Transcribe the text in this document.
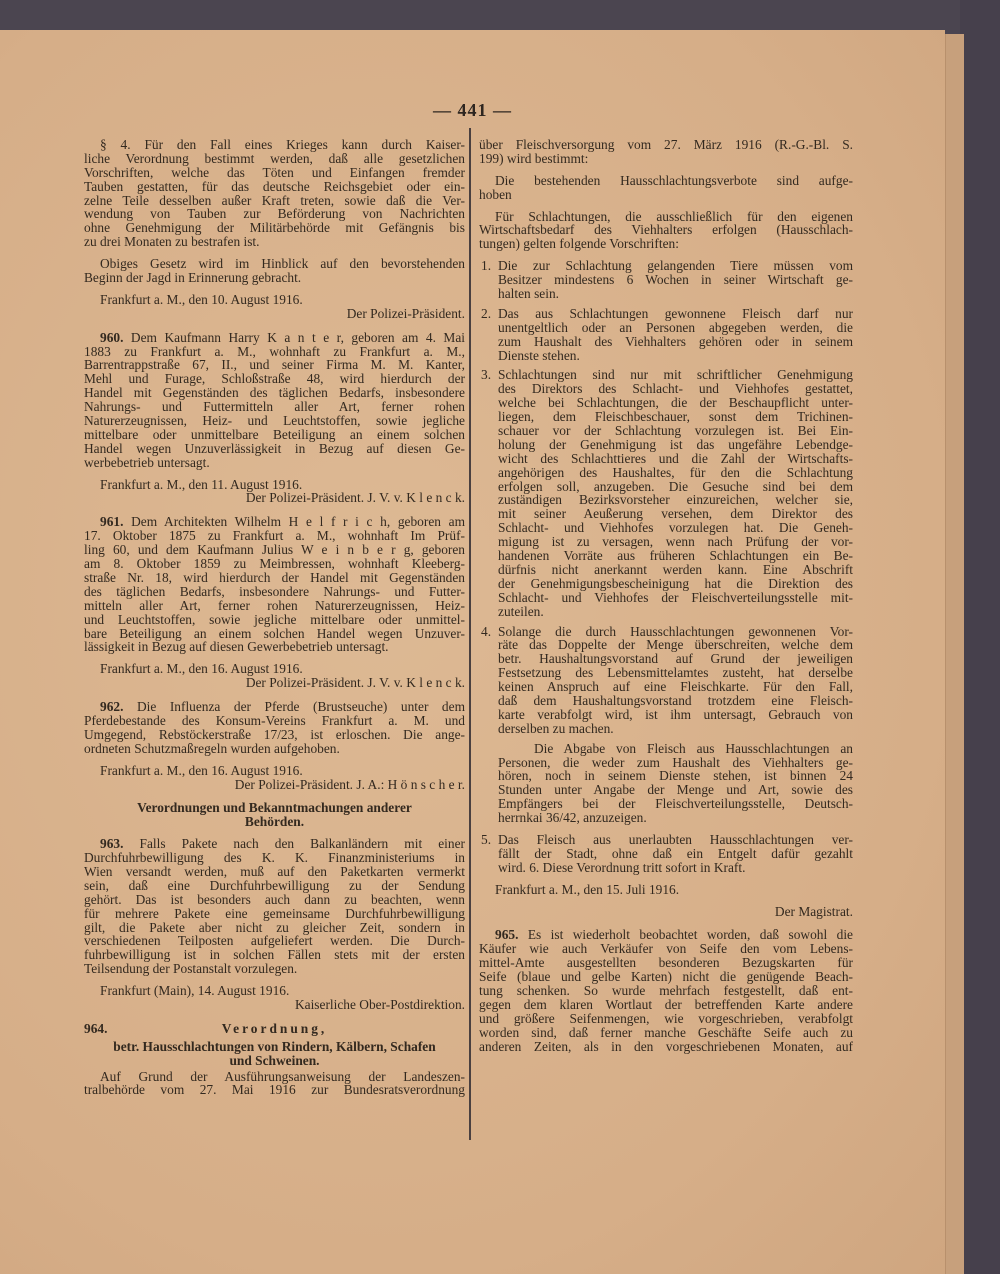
— 441 —
§ 4. Für den Fall eines Krieges kann durch Kaiser-
liche Verordnung bestimmt werden, daß alle gesetzlichen
Vorschriften, welche das Töten und Einfangen fremder
Tauben gestatten, für das deutsche Reichsgebiet oder ein-
zelne Teile desselben außer Kraft treten, sowie daß die Ver-
wendung von Tauben zur Beförderung von Nachrichten
ohne Genehmigung der Militärbehörde mit Gefängnis bis
zu drei Monaten zu bestrafen ist.
Obiges Gesetz wird im Hinblick auf den bevorstehenden
Beginn der Jagd in Erinnerung gebracht.
Frankfurt a. M., den 10. August 1916.
Der Polizei-Präsident.
960. Dem Kaufmann Harry K a n t e r, geboren am 4. Mai
1883 zu Frankfurt a. M., wohnhaft zu Frankfurt a. M.,
Barrentrappstraße 67, II., und seiner Firma M. M. Kanter,
Mehl und Furage, Schloßstraße 48, wird hierdurch der
Handel mit Gegenständen des täglichen Bedarfs, insbesondere
Nahrungs- und Futtermitteln aller Art, ferner rohen
Naturerzeugnissen, Heiz- und Leuchtstoffen, sowie jegliche
mittelbare oder unmittelbare Beteiligung an einem solchen
Handel wegen Unzuverlässigkeit in Bezug auf diesen Ge-
werbebetrieb untersagt.
Frankfurt a. M., den 11. August 1916.
Der Polizei-Präsident. J. V. v. K l e n c k.
961. Dem Architekten Wilhelm H e l f r i c h, geboren am
17. Oktober 1875 zu Frankfurt a. M., wohnhaft Im Prüf-
ling 60, und dem Kaufmann Julius W e i n b e r g, geboren
am 8. Oktober 1859 zu Meimbressen, wohnhaft Kleeberg-
straße Nr. 18, wird hierdurch der Handel mit Gegenständen
des täglichen Bedarfs, insbesondere Nahrungs- und Futter-
mitteln aller Art, ferner rohen Naturerzeugnissen, Heiz-
und Leuchtstoffen, sowie jegliche mittelbare oder unmittel-
bare Beteiligung an einem solchen Handel wegen Unzuver-
lässigkeit in Bezug auf diesen Gewerbebetrieb untersagt.
Frankfurt a. M., den 16. August 1916.
Der Polizei-Präsident. J. V. v. K l e n c k.
962. Die Influenza der Pferde (Brustseuche) unter dem
Pferdebestande des Konsum-Vereins Frankfurt a. M. und
Umgegend, Rebstöckerstraße 17/23, ist erloschen. Die ange-
ordneten Schutzmaßregeln wurden aufgehoben.
Frankfurt a. M., den 16. August 1916.
Der Polizei-Präsident. J. A.: H ö n s c h e r.
Verordnungen und Bekanntmachungen anderer
Behörden.
963. Falls Pakete nach den Balkanländern mit einer
Durchfuhrbewilligung des K. K. Finanzministeriums in
Wien versandt werden, muß auf den Paketkarten vermerkt
sein, daß eine Durchfuhrbewilligung zu der Sendung
gehört. Das ist besonders auch dann zu beachten, wenn
für mehrere Pakete eine gemeinsame Durchfuhrbewilligung
gilt, die Pakete aber nicht zu gleicher Zeit, sondern in
verschiedenen Teilposten aufgeliefert werden. Die Durch-
fuhrbewilligung ist in solchen Fällen stets mit der ersten
Teilsendung der Postanstalt vorzulegen.
Frankfurt (Main), 14. August 1916.
Kaiserliche Ober-Postdirektion.
964.	Verordnung,
betr. Hausschlachtungen von Rindern, Kälbern, Schafen
und Schweinen.
Auf Grund der Ausführungsanweisung der Landeszen-
tralbehörde vom 27. Mai 1916 zur Bundesratsverordnung
über Fleischversorgung vom 27. März 1916 (R.-G.-Bl. S.
199) wird bestimmt:
Die bestehenden Hausschlachtungsverbote sind aufge-
hoben
Für Schlachtungen, die ausschließlich für den eigenen
Wirtschaftsbedarf des Viehhalters erfolgen (Hausschlach-
tungen) gelten folgende Vorschriften:
1. Die zur Schlachtung gelangenden Tiere müssen vom
Besitzer mindestens 6 Wochen in seiner Wirtschaft ge-
halten sein.
2. Das aus Schlachtungen gewonnene Fleisch darf nur
unentgeltlich oder an Personen abgegeben werden, die
zum Haushalt des Viehhalters gehören oder in seinem
Dienste stehen.
3. Schlachtungen sind nur mit schriftlicher Genehmigung
des Direktors des Schlacht- und Viehhofes gestattet,
welche bei Schlachtungen, die der Beschaupflicht unter-
liegen, dem Fleischbeschauer, sonst dem Trichinen-
schauer vor der Schlachtung vorzulegen ist. Bei Ein-
holung der Genehmigung ist das ungefähre Lebendge-
wicht des Schlachttieres und die Zahl der Wirtschafts-
angehörigen des Haushaltes, für den die Schlachtung
erfolgen soll, anzugeben. Die Gesuche sind bei dem
zuständigen Bezirksvorsteher einzureichen, welcher sie,
mit seiner Aeußerung versehen, dem Direktor des
Schlacht- und Viehhofes vorzulegen hat. Die Geneh-
migung ist zu versagen, wenn nach Prüfung der vor-
handenen Vorräte aus früheren Schlachtungen ein Be-
dürfnis nicht anerkannt werden kann. Eine Abschrift
der Genehmigungsbescheinigung hat die Direktion des
Schlacht- und Viehhofes der Fleischverteilungsstelle mit-
zuteilen.
4. Solange die durch Hausschlachtungen gewonnenen Vor-
räte das Doppelte der Menge überschreiten, welche dem
betr. Haushaltungsvorstand auf Grund der jeweiligen
Festsetzung des Lebensmittelamtes zusteht, hat derselbe
keinen Anspruch auf eine Fleischkarte. Für den Fall,
daß dem Haushaltungsvorstand trotzdem eine Fleisch-
karte verabfolgt wird, ist ihm untersagt, Gebrauch von
derselben zu machen.
Die Abgabe von Fleisch aus Hausschlachtungen an
Personen, die weder zum Haushalt des Viehhalters ge-
hören, noch in seinem Dienste stehen, ist binnen 24
Stunden unter Angabe der Menge und Art, sowie des
Empfängers bei der Fleischverteilungsstelle, Deutsch-
herrnkai 36/42, anzuzeigen.
5. Das Fleisch aus unerlaubten Hausschlachtungen ver-
fällt der Stadt, ohne daß ein Entgelt dafür gezahlt
wird. 6. Diese Verordnung tritt sofort in Kraft.
Frankfurt a. M., den 15. Juli 1916.
Der Magistrat.
965. Es ist wiederholt beobachtet worden, daß sowohl die
Käufer wie auch Verkäufer von Seife den vom Lebens-
mittel-Amte ausgestellten besonderen Bezugskarten für
Seife (blaue und gelbe Karten) nicht die genügende Beach-
tung schenken. So wurde mehrfach festgestellt, daß ent-
gegen dem klaren Wortlaut der betreffenden Karte andere
und größere Seifenmengen, wie vorgeschrieben, verabfolgt
worden sind, daß ferner manche Geschäfte Seife auch zu
anderen Zeiten, als in den vorgeschriebenen Monaten, auf
